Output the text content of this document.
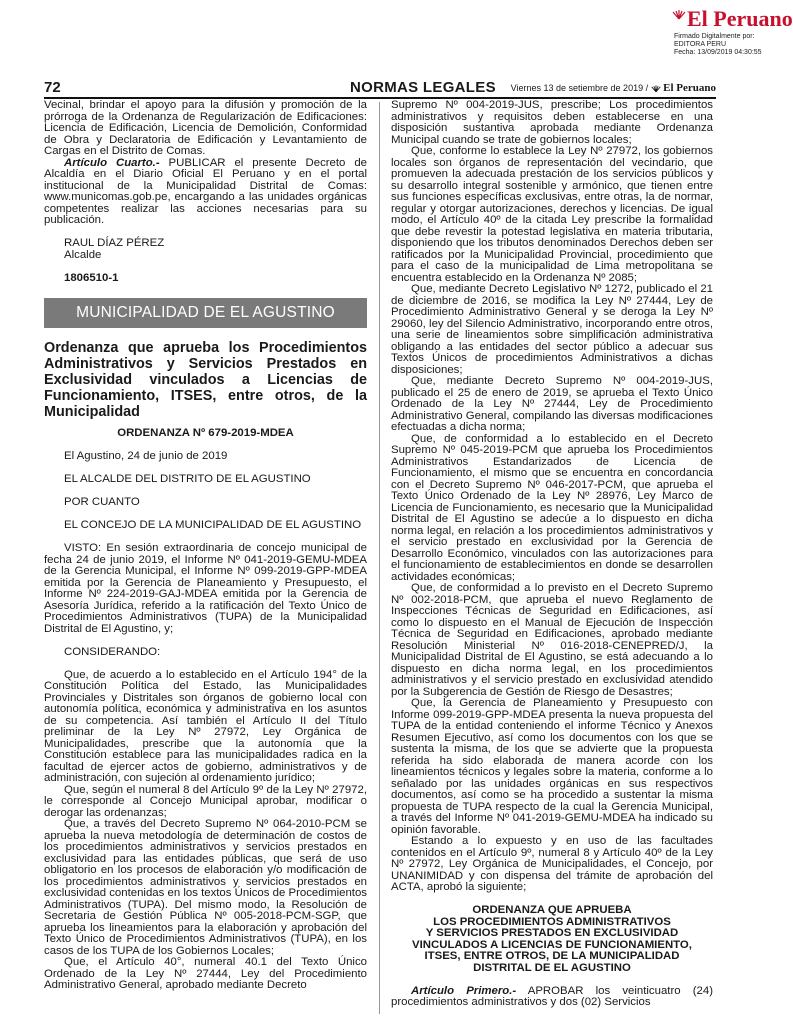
El Peruano
Firmado Digitalmente por:
EDITORA PERU
Fecha: 13/09/2019 04:30:55
72	NORMAS LEGALES Viernes 13 de setiembre de 2019 / El Peruano

Vecinal, brindar el apoyo para la difusión y promoción de la prórroga de la Ordenanza de Regularización de Edificaciones: Licencia de Edificación, Licencia de Demolición, Conformidad de Obra y Declaratoria de Edificación y Levantamiento de Cargas en el Distrito de Comas.

Artículo Cuarto.- PUBLICAR el presente Decreto de Alcaldía en el Diario Oficial El Peruano y en el portal institucional de la Municipalidad Distrital de Comas: www.municomas.gob.pe, encargando a las unidades orgánicas competentes realizar las acciones necesarias para su publicación.

RAUL DÍAZ PÉREZ

Alcalde

1806510-1

MUNICIPALIDAD DE EL AGUSTINO

Ordenanza que aprueba los Procedimientos Administrativos y Servicios Prestados en Exclusividad vinculados a Licencias de Funcionamiento, ITSES, entre otros, de la Municipalidad

ORDENANZA Nº 679-2019-MDEA

El Agustino, 24 de junio de 2019

EL ALCALDE DEL DISTRITO DE EL AGUSTINO

POR CUANTO

EL CONCEJO DE LA MUNICIPALIDAD DE EL AGUSTINO

VISTO: En sesión extraordinaria de concejo municipal de fecha 24 de junio 2019, el Informe Nº 041-2019-GEMU-MDEA de la Gerencia Municipal, el Informe Nº 099-2019-GPP-MDEA emitida por la Gerencia de Planeamiento y Presupuesto, el Informe Nº 224-2019-GAJ-MDEA emitida por la Gerencia de Asesoría Jurídica, referido a la ratificación del Texto Único de Procedimientos Administrativos (TUPA) de la Municipalidad Distrital de El Agustino, y;

CONSIDERANDO:

Que, de acuerdo a lo establecido en el Artículo 194° de la Constitución Política del Estado, las Municipalidades Provinciales y Distritales son órganos de gobierno local con autonomía política, económica y administrativa en los asuntos de su competencia. Así también el Artículo II del Título preliminar de la Ley Nº 27972, Ley Orgánica de Municipalidades, prescribe que la autonomía que la Constitución establece para las municipalidades radica en la facultad de ejercer actos de gobierno, administrativos y de administración, con sujeción al ordenamiento jurídico;

Que, según el numeral 8 del Artículo 9º de la Ley Nº 27972, le corresponde al Concejo Municipal aprobar, modificar o derogar las ordenanzas;

Que, a través del Decreto Supremo Nº 064-2010-PCM se aprueba la nueva metodología de determinación de costos de los procedimientos administrativos y servicios prestados en exclusividad para las entidades públicas, que será de uso obligatorio en los procesos de elaboración y/o modificación de los procedimientos administrativos y servicios prestados en exclusividad contenidas en los textos Únicos de Procedimientos Administrativos (TUPA). Del mismo modo, la Resolución de Secretaria de Gestión Pública Nº 005-2018-PCM-SGP, que aprueba los lineamientos para la elaboración y aprobación del Texto Único de Procedimientos Administrativos (TUPA), en los casos de los TUPA de los Gobiernos Locales;

Que, el Artículo 40°, numeral 40.1 del Texto Único Ordenado de la Ley Nº 27444, Ley del Procedimiento Administrativo General, aprobado mediante Decreto

Supremo Nº 004-2019-JUS, prescribe; Los procedimientos administrativos y requisitos deben establecerse en una disposición sustantiva aprobada mediante Ordenanza Municipal cuando se trate de gobiernos locales;

Que, conforme lo establece la Ley Nº 27972, los gobiernos locales son órganos de representación del vecindario, que promueven la adecuada prestación de los servicios públicos y su desarrollo integral sostenible y armónico, que tienen entre sus funciones específicas exclusivas, entre otras, la de normar, regular y otorgar autorizaciones, derechos y licencias. De igual modo, el Artículo 40º de la citada Ley prescribe la formalidad que debe revestir la potestad legislativa en materia tributaria, disponiendo que los tributos denominados Derechos deben ser ratificados por la Municipalidad Provincial, procedimiento que para el caso de la municipalidad de Lima metropolitana se encuentra establecido en la Ordenanza Nº 2085;

Que, mediante Decreto Legislativo Nº 1272, publicado el 21 de diciembre de 2016, se modifica la Ley Nº 27444, Ley de Procedimiento Administrativo General y se deroga la Ley Nº 29060, ley del Silencio Administrativo, incorporando entre otros, una serie de lineamientos sobre simplificación administrativa obligando a las entidades del sector público a adecuar sus Textos Únicos de procedimientos Administrativos a dichas disposiciones;

Que, mediante Decreto Supremo Nº 004-2019-JUS, publicado el 25 de enero de 2019, se aprueba el Texto Único Ordenado de la Ley Nº 27444, Ley de Procedimiento Administrativo General, compilando las diversas modificaciones efectuadas a dicha norma;

Que, de conformidad a lo establecido en el Decreto Supremo Nº 045-2019-PCM que aprueba los Procedimientos Administrativos Estandarizados de Licencia de Funcionamiento, el mismo que se encuentra en concordancia con el Decreto Supremo Nº 046-2017-PCM, que aprueba el Texto Único Ordenado de la Ley Nº 28976, Ley Marco de Licencia de Funcionamiento, es necesario que la Municipalidad Distrital de El Agustino se adecúe a lo dispuesto en dicha norma legal, en relación a los procedimientos administrativos y el servicio prestado en exclusividad por la Gerencia de Desarrollo Económico, vinculados con las autorizaciones para el funcionamiento de establecimientos en donde se desarrollen actividades económicas;

Que, de conformidad a lo previsto en el Decreto Supremo Nº 002-2018-PCM, que aprueba el nuevo Reglamento de Inspecciones Técnicas de Seguridad en Edificaciones, así como lo dispuesto en el Manual de Ejecución de Inspección Técnica de Seguridad en Edificaciones, aprobado mediante Resolución Ministerial Nº 016-2018-CENEPRED/J, la Municipalidad Distrital de El Agustino, se está adecuando a lo dispuesto en dicha norma legal, en los procedimientos administrativos y el servicio prestado en exclusividad atendido por la Subgerencia de Gestión de Riesgo de Desastres;

Que, la Gerencia de Planeamiento y Presupuesto con Informe 099-2019-GPP-MDEA presenta la nueva propuesta del TUPA de la entidad conteniendo el informe Técnico y Anexos Resumen Ejecutivo, así como los documentos con los que se sustenta la misma, de los que se advierte que la propuesta referida ha sido elaborada de manera acorde con los lineamientos técnicos y legales sobre la materia, conforme a lo señalado por las unidades orgánicas en sus respectivos documentos, así como se ha procedido a sustentar la misma propuesta de TUPA respecto de la cual la Gerencia Municipal, a través del Informe Nº 041-2019-GEMU-MDEA ha indicado su opinión favorable.

Estando a lo expuesto y en uso de las facultades contenidos en el Artículo 9º, numeral 8 y Artículo 40º de la Ley Nº 27972, Ley Orgánica de Municipalidades, el Concejo, por UNANIMIDAD y con dispensa del trámite de aprobación del ACTA, aprobó la siguiente;

ORDENANZA QUE APRUEBA

LOS PROCEDIMIENTOS ADMINISTRATIVOS

Y SERVICIOS PRESTADOS EN EXCLUSIVIDAD

VINCULADOS A LICENCIAS DE FUNCIONAMIENTO,

ITSES, ENTRE OTROS, DE LA MUNICIPALIDAD

DISTRITAL DE EL AGUSTINO

Artículo Primero.- APROBAR los veinticuatro (24) procedimientos administrativos y dos (02) Servicios
